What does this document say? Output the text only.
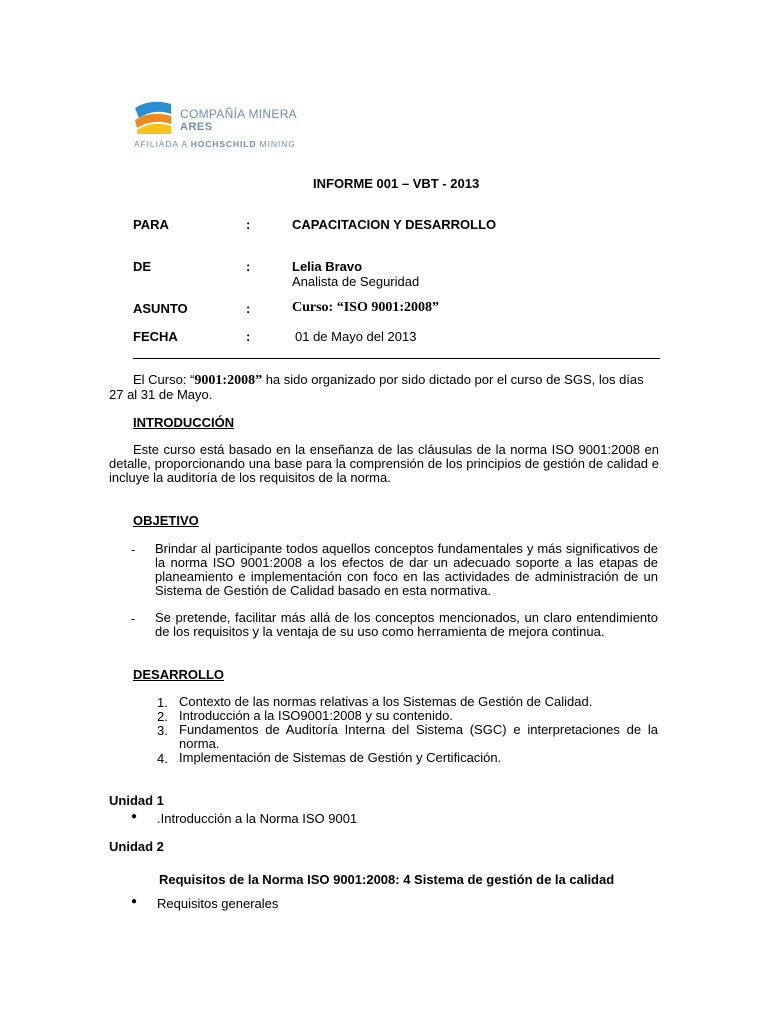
COMPAÑÍA MINERA
ARES
AFILIADA A HOCHSCHILD MINING
INFORME 001 – VBT - 2013
PARA	:	CAPACITACION Y DESARROLLO
DE	:	Lelia Bravo
Analista de Seguridad
ASUNTO	:	Curso: “ISO 9001:2008”
FECHA	:	01 de Mayo del 2013
El Curso: “9001:2008” ha sido organizado por sido dictado por el curso de SGS, los días
27 al 31 de Mayo.
INTRODUCCIÓN
Este curso está basado en la enseñanza de las cláusulas de la norma ISO 9001:2008 en detalle, proporcionando una base para la comprensión de los principios de gestión de calidad e incluye la auditoría de los requisitos de la norma.
OBJETIVO
-	Brindar al participante todos aquellos conceptos fundamentales y más significativos de la norma ISO 9001:2008 a los efectos de dar un adecuado soporte a las etapas de planeamiento e implementación con foco en las actividades de administración de un Sistema de Gestión de Calidad basado en esta normativa.
-	Se pretende, facilitar más allá de los conceptos mencionados, un claro entendimiento de los requisitos y la ventaja de su uso como herramienta de mejora continua.
DESARROLLO
1. Contexto de las normas relativas a los Sistemas de Gestión de Calidad.
2. Introducción a la ISO9001:2008 y su contenido.
3. Fundamentos de Auditoría Interna del Sistema (SGC) e interpretaciones de la norma.
4. Implementación de Sistemas de Gestión y Certificación.
Unidad 1
●	.Introducción a la Norma ISO 9001
Unidad 2
Requisitos de la Norma ISO 9001:2008: 4 Sistema de gestión de la calidad
●	Requisitos generales
